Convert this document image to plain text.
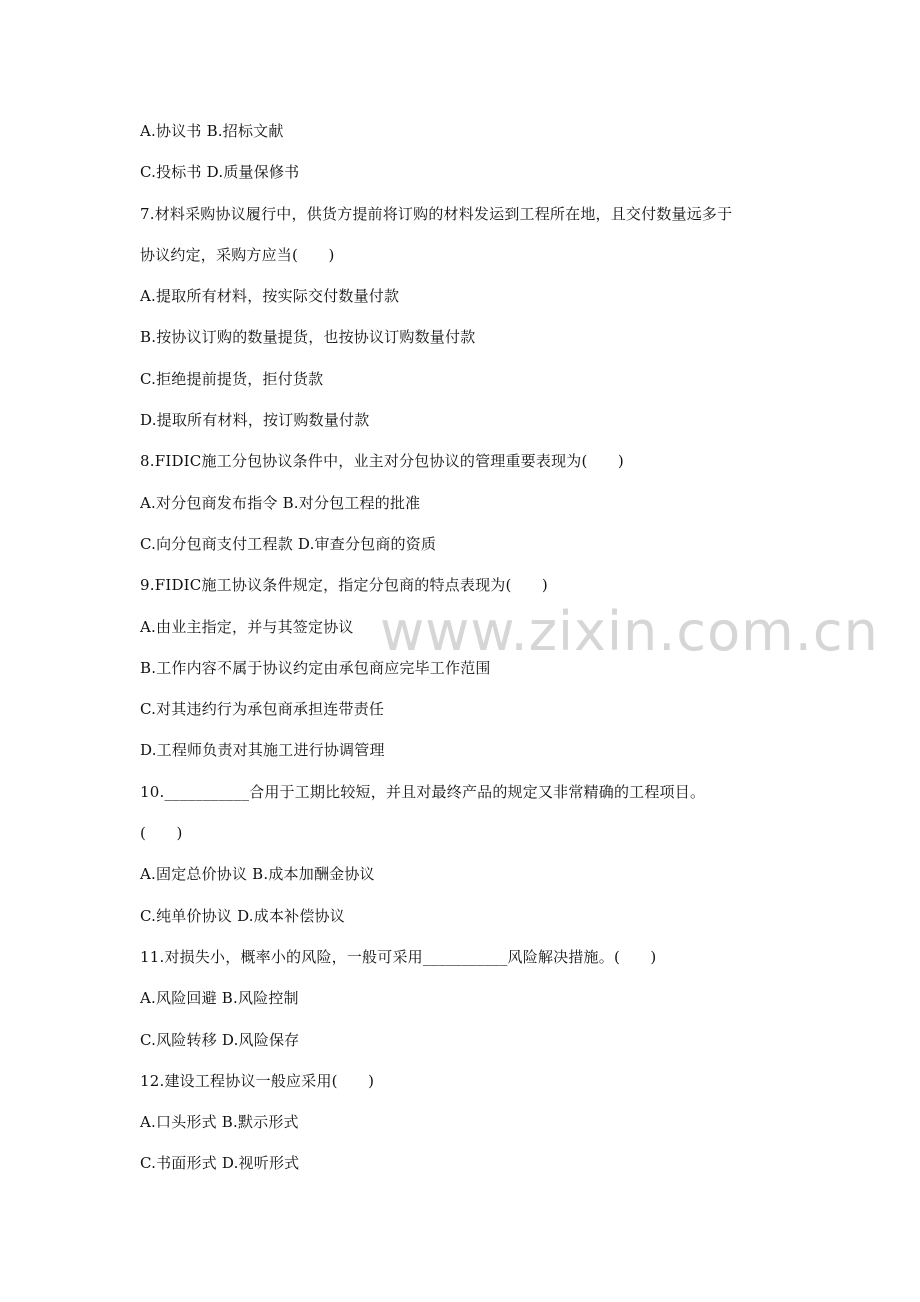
A.协议书 B.招标文献
C.投标书 D.质量保修书
7.材料采购协议履行中，供货方提前将订购的材料发运到工程所在地，且交付数量远多于
协议约定，采购方应当(　　)
A.提取所有材料，按实际交付数量付款
B.按协议订购的数量提货，也按协议订购数量付款
C.拒绝提前提货，拒付货款
D.提取所有材料，按订购数量付款
8.FIDIC施工分包协议条件中，业主对分包协议的管理重要表现为(　　)
A.对分包商发布指令 B.对分包工程的批准
C.向分包商支付工程款 D.审查分包商的资质
9.FIDIC施工协议条件规定，指定分包商的特点表现为(　　)
A.由业主指定，并与其签定协议
B.工作内容不属于协议约定由承包商应完毕工作范围
C.对其违约行为承包商承担连带责任
D.工程师负责对其施工进行协调管理
10.___________合用于工期比较短，并且对最终产品的规定又非常精确的工程项目。
(　　)
A.固定总价协议 B.成本加酬金协议
C.纯单价协议 D.成本补偿协议
11.对损失小，概率小的风险，一般可采用___________风险解决措施。(　　)
A.风险回避 B.风险控制
C.风险转移 D.风险保存
12.建设工程协议一般应采用(　　)
A.口头形式 B.默示形式
C.书面形式 D.视听形式
www.zixin.com.cn
